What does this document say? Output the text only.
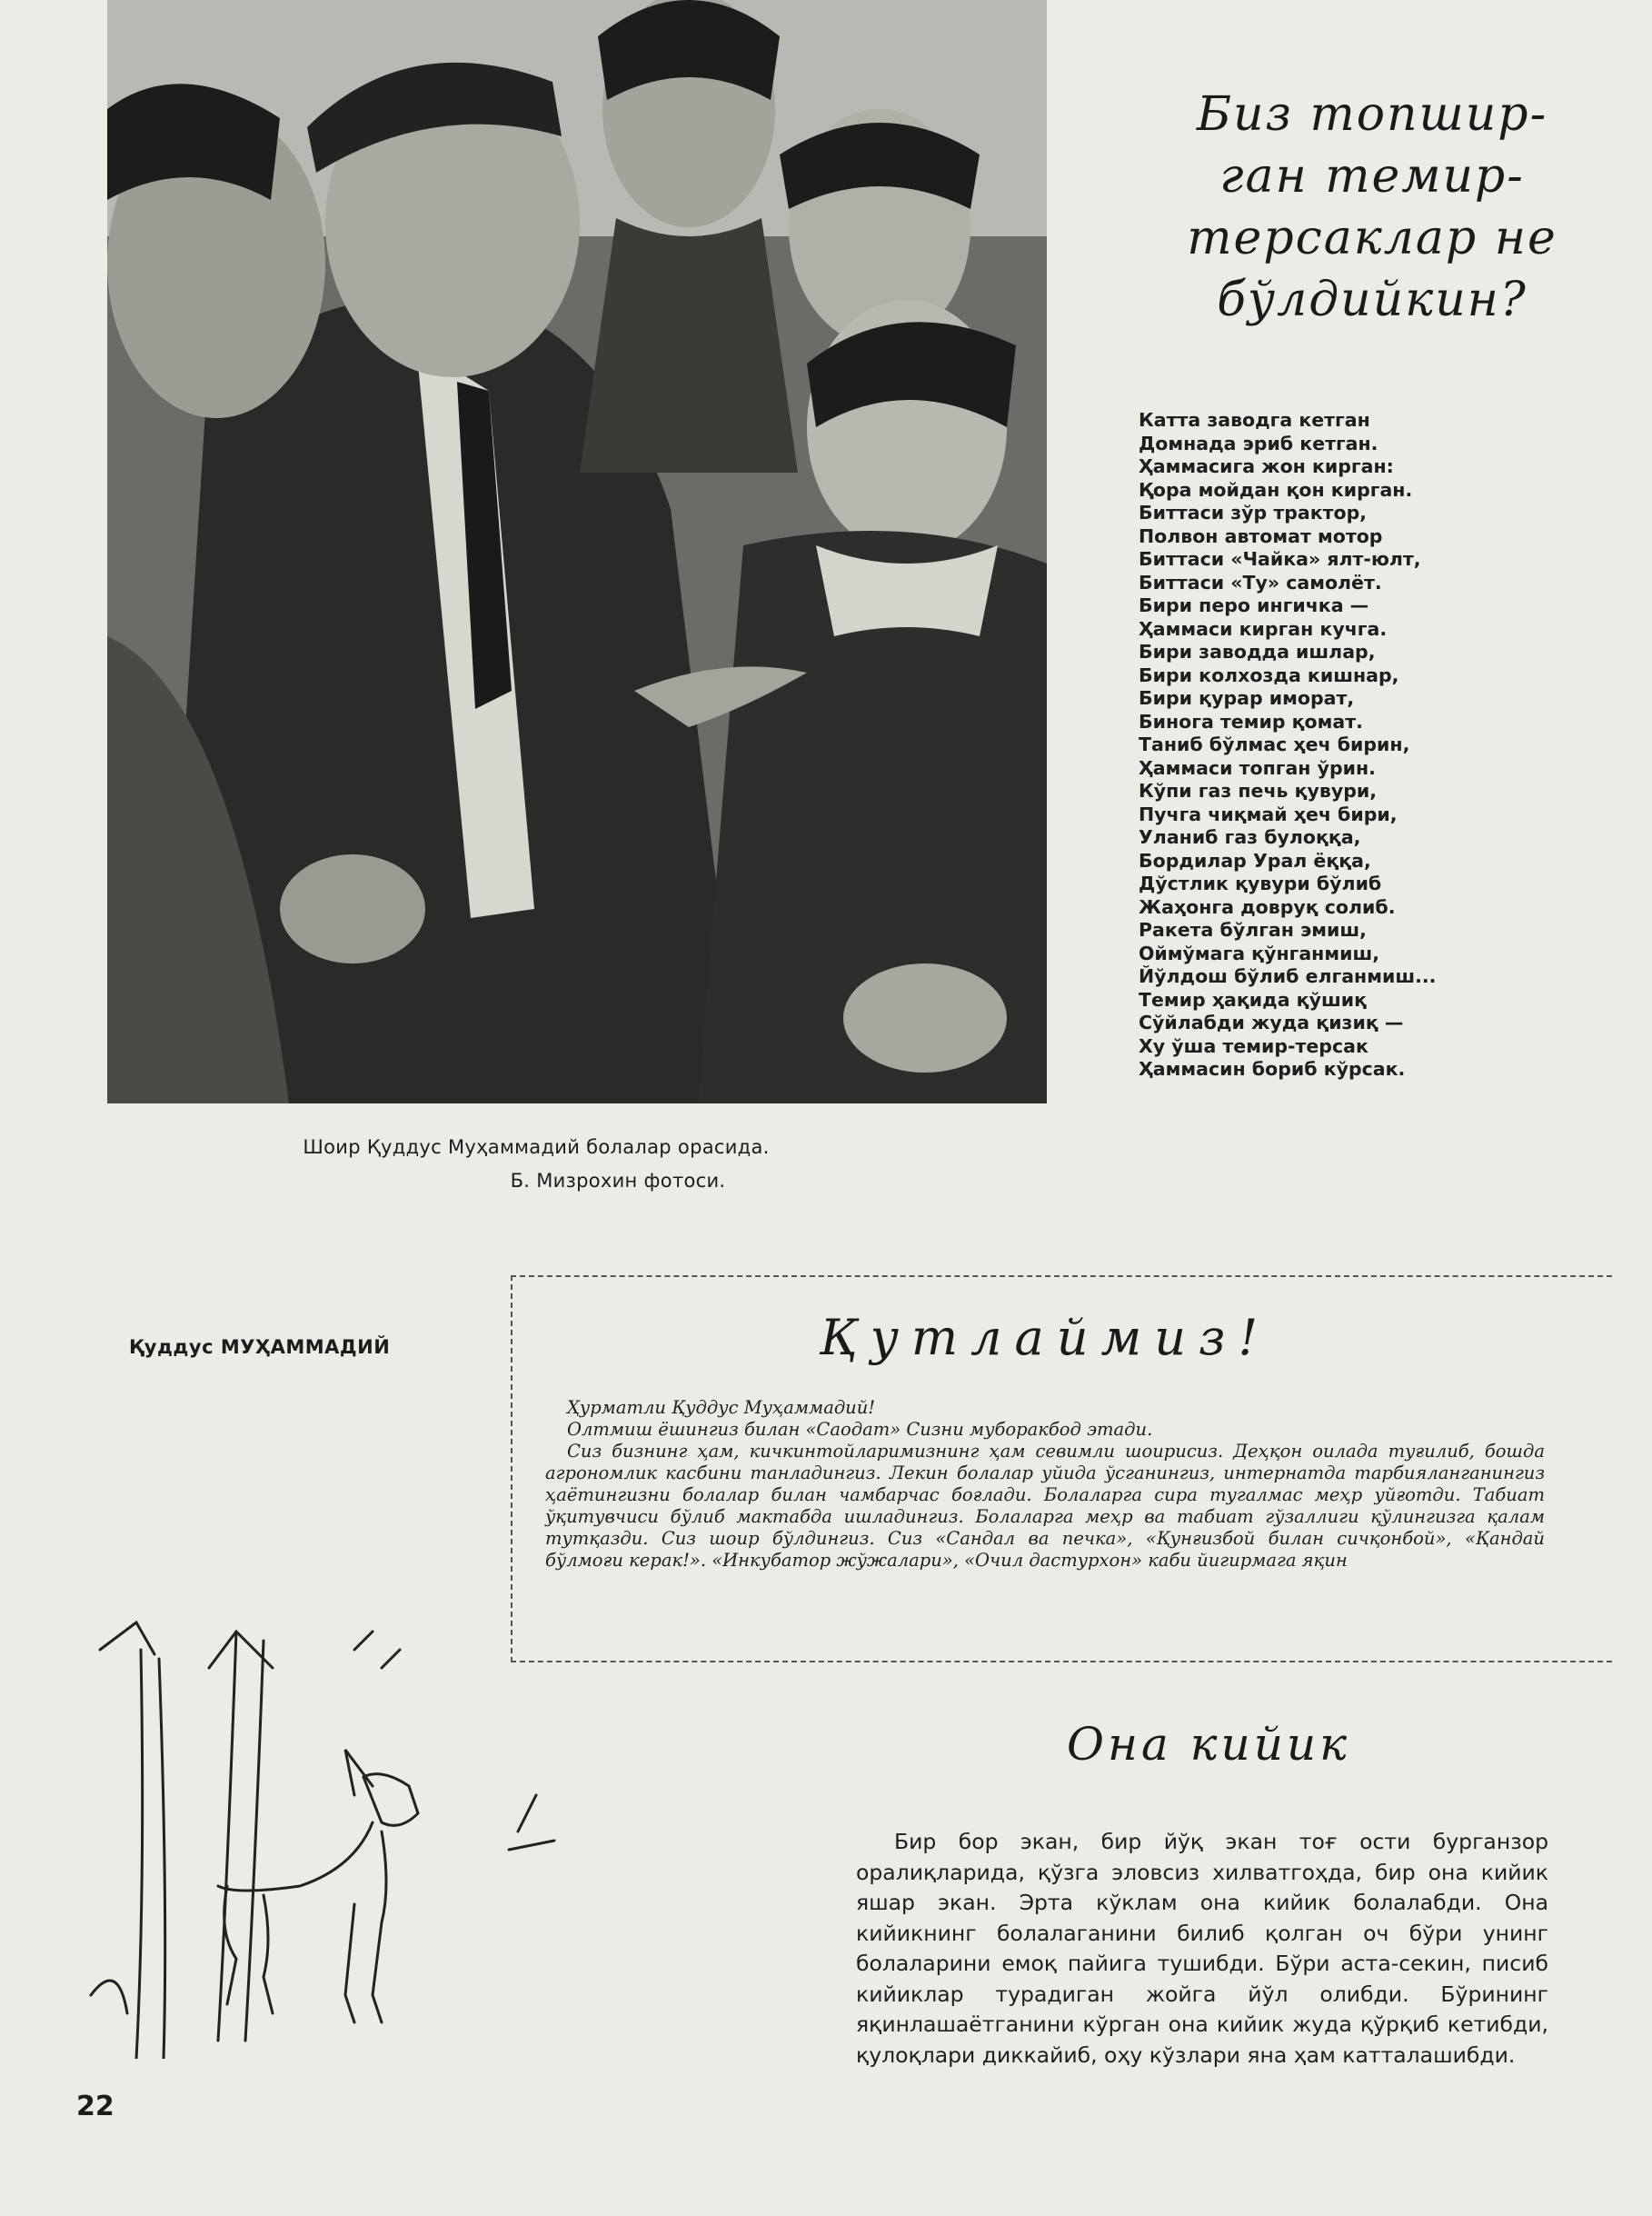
Шоир Қуддус Муҳаммадий болалар орасида.
Б. Мизрохин фотоси.
Биз топшир-
ган темир-
терсаклар не
бўлдийкин?
Катта заводга кетган
Домнада эриб кетган.
Ҳаммасига жон кирган:
Қора мойдан қон кирган.
Биттаси зўр трактор,
Полвон автомат мотор
Биттаси «Чайка» ялт-юлт,
Биттаси «Ту» самолёт.
Бири перо ингичка —
Ҳаммаси кирган кучга.
Бири заводда ишлар,
Бири колхозда кишнар,
Бири қурар иморат,
Бинога темир қомат.
Таниб бўлмас ҳеч бирин,
Ҳаммаси топган ўрин.
Кўпи газ печь қувури,
Пучга чиқмай ҳеч бири,
Уланиб газ булоққа,
Бордилар Урал ёққа,
Дўстлик қувури бўлиб
Жаҳонга довруқ солиб.
Ракета бўлган эмиш,
Оймўмага қўнганмиш,
Йўлдош бўлиб елганмиш...
Темир ҳақида қўшиқ
Сўйлабди жуда қизиқ —
Ху ўша темир-терсак
Ҳаммасин бориб кўрсак.
Қуддус МУҲАММАДИЙ	Қутлаймиз!

Ҳурматли Қуддус Муҳаммадий!

Олтмиш ёшингиз билан «Саодат» Сизни муборакбод этади.

Сиз бизнинг ҳам, кичкинтойларимизнинг ҳам севимли шоирисиз. Деҳқон оилада туғилиб, бошда агрономлик касбини танладингиз. Лекин болалар уйида ўсганингиз, интернатда тарбияланганингиз ҳаётингизни болалар билан чамбарчас боғлади. Болаларга сира тугалмас меҳр уйғотди. Табиат ўқитувчиси бўлиб мактабда ишладингиз. Болаларга меҳр ва табиат гўзаллиги қўлингизга қалам тутқазди. Сиз шоир бўлдингиз. Сиз «Сандал ва печка», «Қунғизбой билан сичқонбой», «Қандай бўлмоғи керак!». «Инкубатор жўжалари», «Очил дастурхон» каби йигирмага яқин

Она кийик

Бир бор экан, бир йўқ экан тоғ ости бурганзор оралиқларида, қўзга эловсиз хилватгоҳда, бир она кийик яшар экан. Эрта кўклам она кийик болалабди. Она кийикнинг болалаганини билиб қолган оч бўри унинг болаларини емоқ пайига тушибди. Бўри аста-секин, писиб кийиклар турадиган жойга йўл олибди. Бўрининг яқинлашаётганини кўрган она кийик жуда қўрқиб кетибди, қулоқлари диккайиб, оҳу кўзлари яна ҳам катталашибди.

22
